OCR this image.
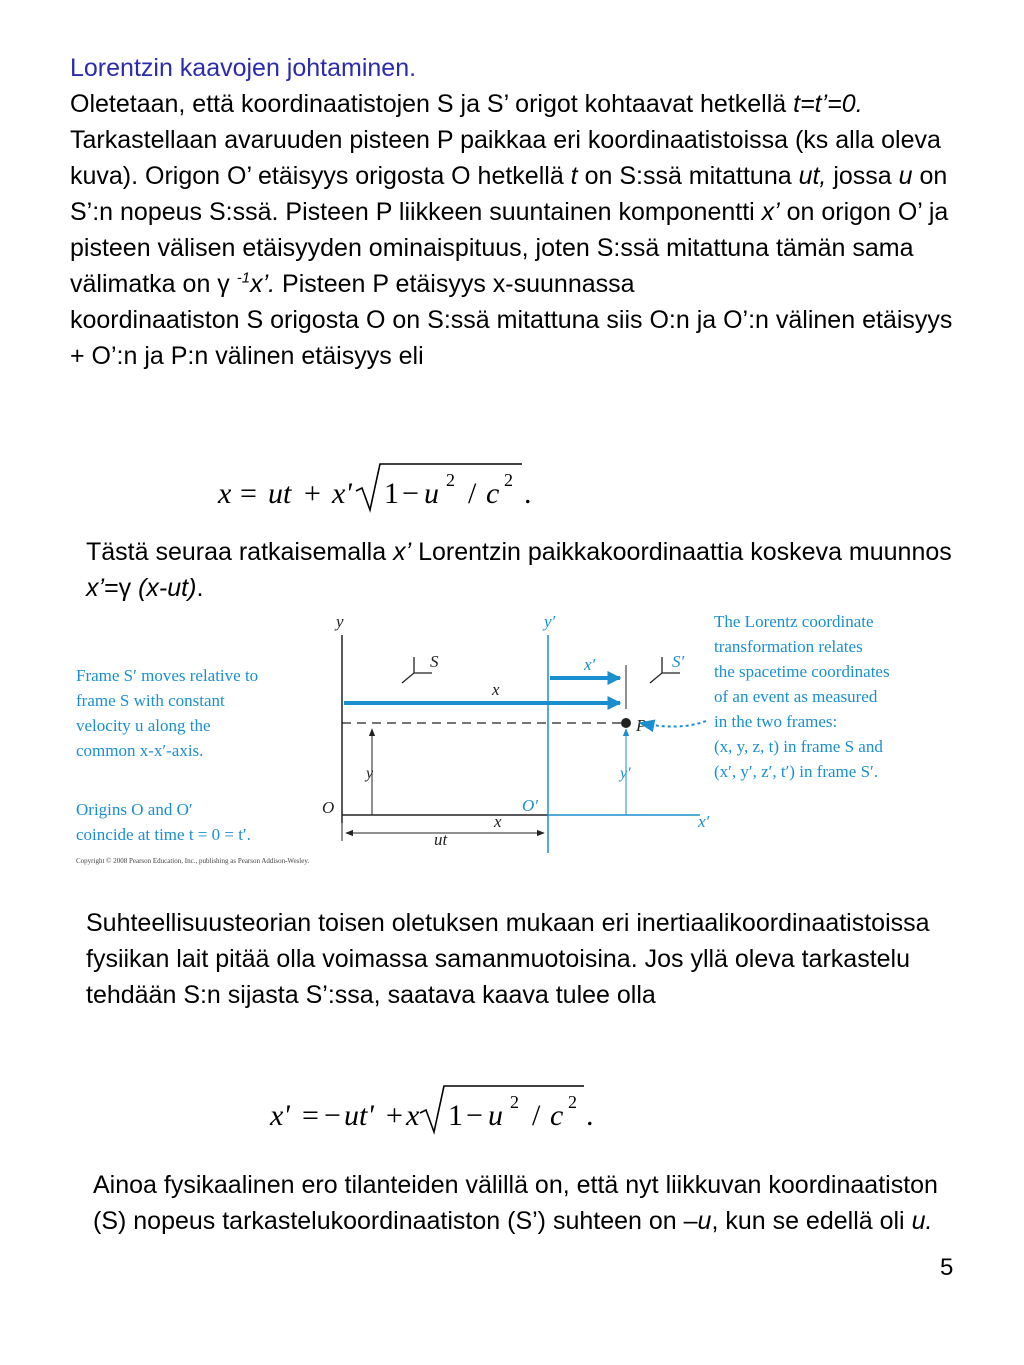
Lorentzin kaavojen johtaminen.
Oletetaan, että koordinaatistojen S ja S’ origot kohtaavat hetkellä t=t’=0. Tarkastellaan avaruuden pisteen P paikkaa eri koordinaatistoissa (ks alla oleva kuva). Origon O’ etäisyys origosta O hetkellä t on S:ssä mitattuna ut, jossa u on S’:n nopeus S:ssä. Pisteen P liikkeen suuntainen komponentti x’ on origon O’ ja pisteen välisen etäisyyden ominaispituus, joten S:ssä mitattuna tämän sama välimatka on γ $^{-1}$x’. Pisteen P etäisyys x-suunnassa
koordinaatiston S origosta O on S:ssä mitattuna siis O:n ja O’:n välinen etäisyys + O’:n ja P:n välinen etäisyys eli
x = ut + x' 1 − u 2 / c 2 .
Tästä seuraa ratkaisemalla x’ Lorentzin paikkakoordinaattia koskeva muunnos x’=γ (x-ut).
y
O
x
y′
O′
x′
S	S′
x′
x
P
y	y′
ut
Frame S′ moves relative to frame S with constant velocity u along the common x-x′-axis.
Origins O and O′ coincide at time t = 0 = t′.
The Lorentz coordinate transformation relates the spacetime coordinates of an event as measured in the two frames: (x, y, z, t) in frame S and (x′, y′, z′, t′) in frame S′.
Copyright © 2008 Pearson Education, Inc., publishing as Pearson Addison-Wesley.
Suhteellisuusteorian toisen oletuksen mukaan eri inertiaalikoordinaatistoissa fysiikan lait pitää olla voimassa samanmuotoisina. Jos yllä oleva tarkastelu tehdään S:n sijasta S’:ssa, saatava kaava tulee olla
x' = − ut' + x 1 − u 2 / c 2 .
Ainoa fysikaalinen ero tilanteiden välillä on, että nyt liikkuvan koordinaatiston (S) nopeus tarkastelukoordinaatiston (S’) suhteen on –u, kun se edellä oli u.
5
